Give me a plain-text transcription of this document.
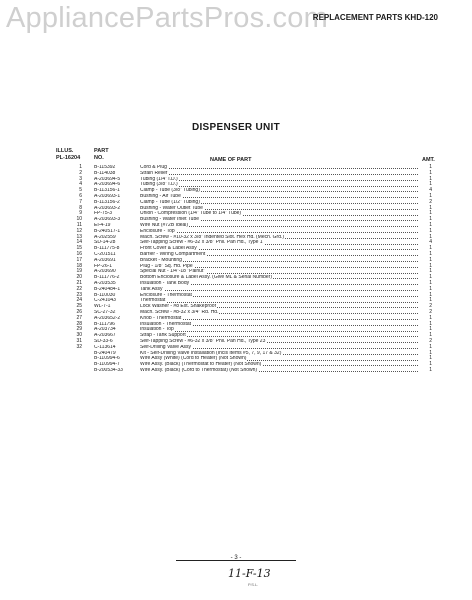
AppliancePartsPros.com
REPLACEMENT PARTS KHD-120
DISPENSER UNIT
ILLUS.
PL-16204
PART
NO.	NAME OF PART	AMT.
1	B-115392	Cord & Plug	1
2	B-114038	Strain Relief	1
3	A-203694-5	Tubing (1/4" I.D.)	1
4	A-203694-6	Tubing (3/8" I.D.)	1
5	B-113156-1	Clamp - Tube (3/8" Tubing)	4
6	A-203693-1	Bushing - Air Tube	1
7	B-113156-2	Clamp - Tube (1/2" Tubing)	2
8	A-203693-2	Bushing - Water Outlet Tube	1
9	FP-75-3	Union - Compression (1/4" Tube to 1/4" Tube)	1
10	A-203693-3	Bushing - Water Inlet Tube	1
11	EI-4-19	Wire Nut (#72B Ideal)	1
12	B-240517-1	Enclosure - Top	1
13	A-202559	Mach. Screw - #10-32 x 3/8" Indented Slot. Hex Hd. (Mech. Grd.)	1
14	SD-14-28	Self-Tapping Screw - #6-32 x 3/8" Phil. Pan Hd., Type 1	4
15	B-111775-8	Front Cover & Label Assy	1
16	C-201511	Barrier - Wiring Compartment	1
17	A-203691	Bracket - Mounting	1
18	FP-26-1	Plug - 1/8" Sq. Hd. Pipe	1
19	A-203690	Special Nut - 1/4"-18 "Palnut"	1
20	B-111776-2	Bottom Enclosure & Label Assy. (Give ML & Serial Number)	1
21	A-203535	Insulation - Tank Body	1
22	B-240484-1	Tank Assy	1
23	B-110030	Enclosure - Thermostat	1
24	C-241043	Thermostat	1
25	WL-7-1	Lock Washer - #8 Ext. Shakeproof	2
26	SC-27-32	Mach. Screw - #8-32 x 3/4" Rd. Hd.	2
27	A-203652-2	Knob - Thermostat	1
28	B-111796	Insulation - Thermostat	1
29	A-203734	Insulation - Top	1
30	A-203667	Strap - Tank Support	1
31	SD-33-6	Self-Tapping Screw - #6-32 x 3/8" Phil. Pan Hd., Type 23	2
32	C-113614	Self-Drilling Valve Assy	1
B-240479	Kit - Self-Drilling Valve Installation (Incls Items #5, 7, 9, 17 & 32)	1
B-110994-6	Wire Assy (White) (Cord to Heater) (Not Shown)	1
B-110994-7	Wire Assy. (Black) (Thermostat to Heater) (Not Shown)	1
B-200534-33	Wire Assy. (Black) (Cord to Thermostat) (Not Shown)	1
- 3 -
11-F-13
P.S.L.
